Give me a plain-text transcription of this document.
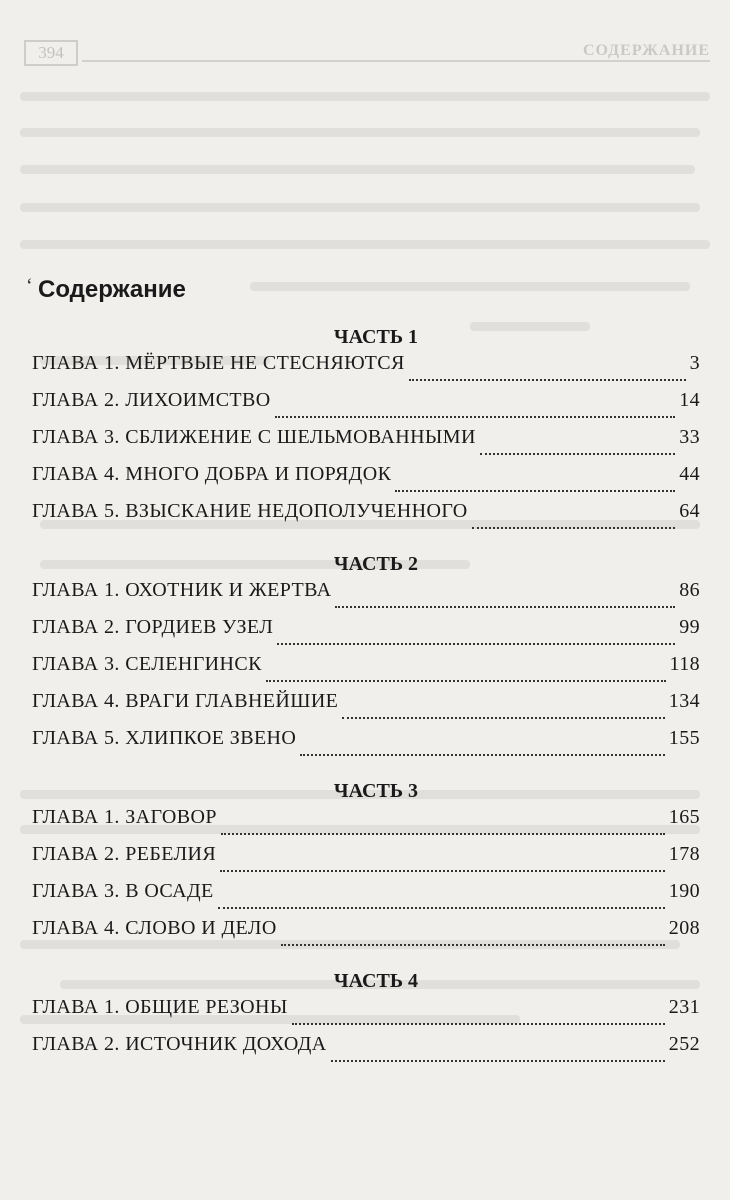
394	СОДЕРЖАНИЕ
ʻ Содержание
ЧАСТЬ 1
ГЛАВА 1. МЁРТВЫЕ НЕ СТЕСНЯЮТСЯ	3
ГЛАВА 2. ЛИХОИМСТВО	14
ГЛАВА 3. СБЛИЖЕНИЕ С ШЕЛЬМОВАННЫМИ	33
ГЛАВА 4. МНОГО ДОБРА И ПОРЯДОК	44
ГЛАВА 5. ВЗЫСКАНИЕ НЕДОПОЛУЧЕННОГО	64
ЧАСТЬ 2
ГЛАВА 1. ОХОТНИК И ЖЕРТВА	86
ГЛАВА 2. ГОРДИЕВ УЗЕЛ	99
ГЛАВА 3. СЕЛЕНГИНСК	118
ГЛАВА 4. ВРАГИ ГЛАВНЕЙШИЕ	134
ГЛАВА 5. ХЛИПКОЕ ЗВЕНО	155
ЧАСТЬ 3
ГЛАВА 1. ЗАГОВОР	165
ГЛАВА 2. РЕБЕЛИЯ	178
ГЛАВА 3. В ОСАДЕ	190
ГЛАВА 4. СЛОВО И ДЕЛО	208
ЧАСТЬ 4
ГЛАВА 1. ОБЩИЕ РЕЗОНЫ	231
ГЛАВА 2. ИСТОЧНИК ДОХОДА	252
